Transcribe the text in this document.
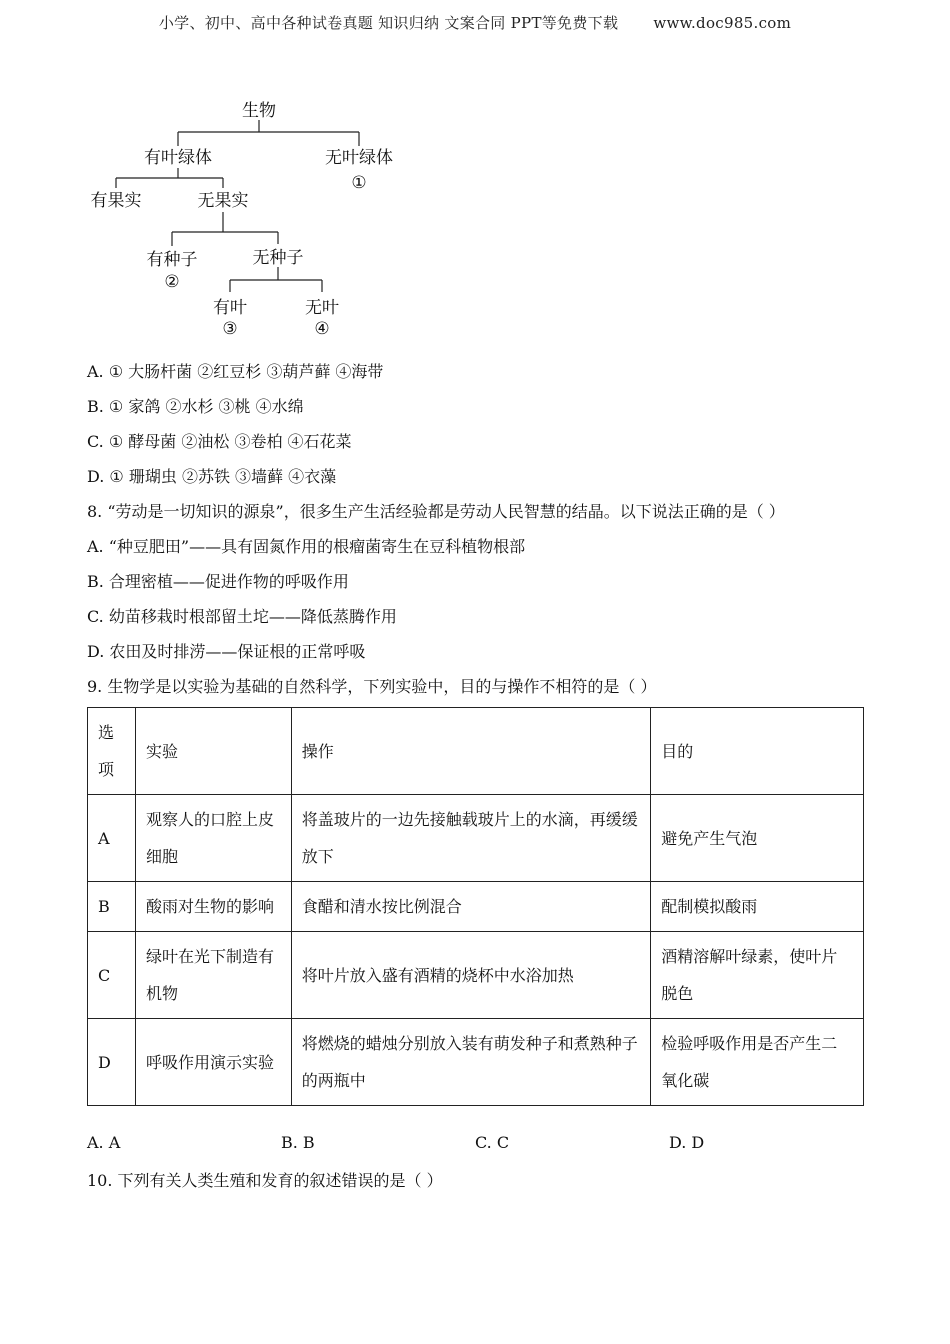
小学、初中、高中各种试卷真题 知识归纳 文案合同 PPT等免费下载 www.doc985.com
生物
有叶绿体	无叶绿体
①
有果实	无果实
有种子
②
无种子
有叶
③
无叶
④
A. ① 大肠杆菌 ②红豆杉 ③葫芦藓 ④海带
B. ① 家鸽 ②水杉 ③桃 ④水绵
C. ① 酵母菌 ②油松 ③卷柏 ④石花菜
D. ① 珊瑚虫 ②苏铁 ③墙藓 ④衣藻
8. “劳动是一切知识的源泉”，很多生产生活经验都是劳动人民智慧的结晶。以下说法正确的是（ ）
A. “种豆肥田”——具有固氮作用的根瘤菌寄生在豆科植物根部
B. 合理密植——促进作物的呼吸作用
C. 幼苗移栽时根部留土坨——降低蒸腾作用
D. 农田及时排涝——保证根的正常呼吸
9. 生物学是以实验为基础的自然科学，下列实验中，目的与操作不相符的是（ ）
选项	实验	操作	目的
A	观察人的口腔上皮细胞	将盖玻片的一边先接触载玻片上的水滴，再缓缓放下	避免产生气泡
B	酸雨对生物的影响	食醋和清水按比例混合	配制模拟酸雨
C	绿叶在光下制造有机物	将叶片放入盛有酒精的烧杯中水浴加热	酒精溶解叶绿素，使叶片脱色
D	呼吸作用演示实验	将燃烧的蜡烛分别放入装有萌发种子和煮熟种子的两瓶中	检验呼吸作用是否产生二氧化碳
A. A	B. B	C. C	D. D
10. 下列有关人类生殖和发育的叙述错误的是（ ）
